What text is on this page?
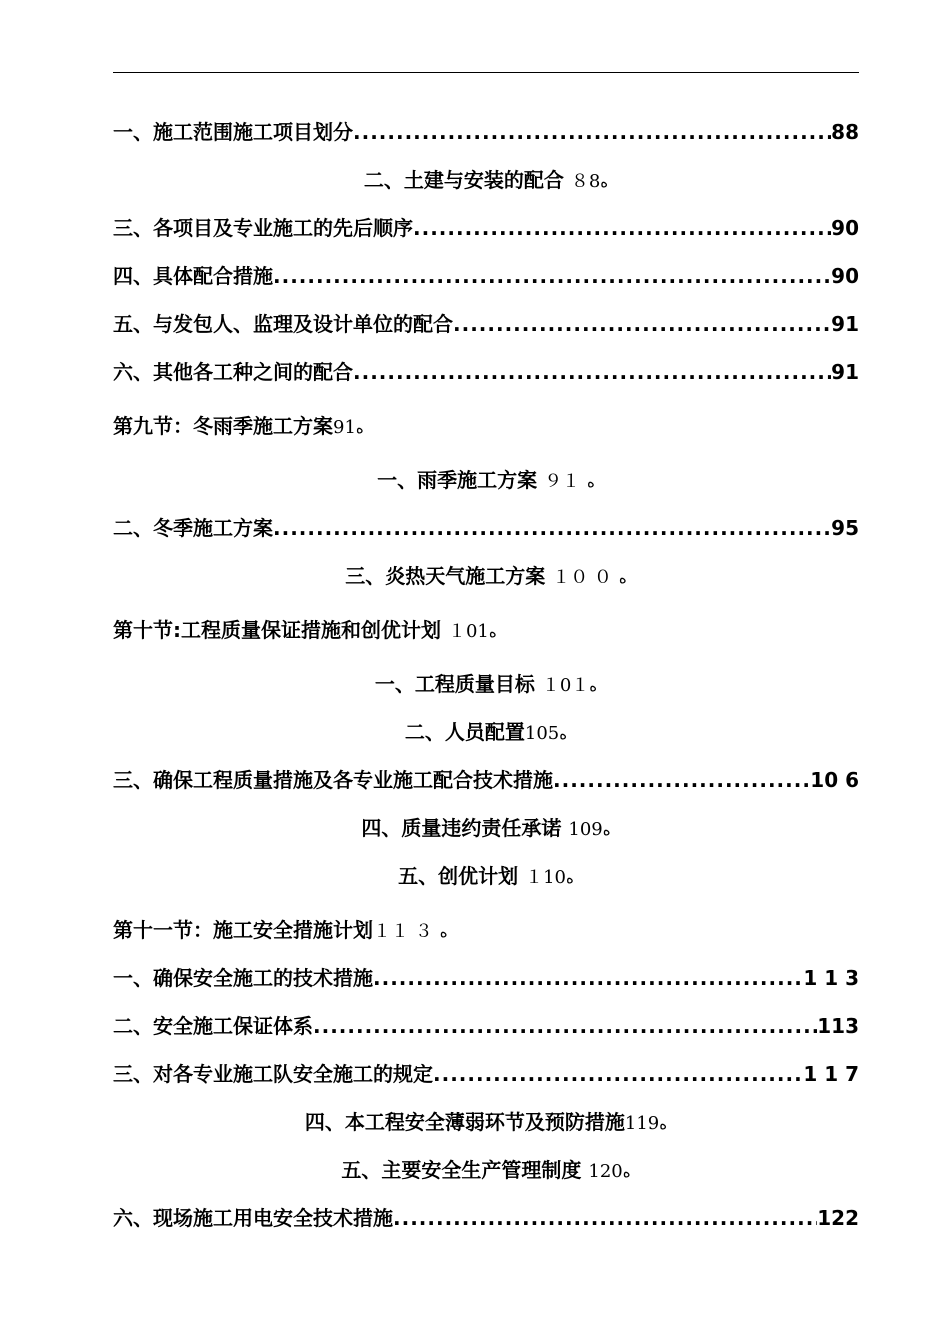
一、施工范围施工项目划分 .....	88
二、土建与安装的配合 ８8ه
三、各项目及专业施工的先后顺序 .....	90
四、具体配合措施 .....	90
五、与发包人、监理及设计单位的配合 .....	91
六、其他各工种之间的配合 .....	91
第九节：冬雨季施工方案91ه
一、雨季施工方案 ９１ ه
二、冬季施工方案 .....	95
三、炎热天气施工方案 １０ ０ ه
第十节:工程质量保证措施和创优计划 １01ه
一、工程质量目标 １0１ه
二、人员配置105ه
三、确保工程质量措施及各专业施工配合技术措施 .....	10 6
四、质量违约责任承诺 109ه
五、创优计划 １10ه
第十一节：施工安全措施计划１１ ３ ه
一、确保安全施工的技术措施 .....	1 1 3
二、安全施工保证体系 .....	113
三、对各专业施工队安全施工的规定 .....	1 1 7
四、本工程安全薄弱环节及预防措施119ه
五、主要安全生产管理制度 120ه
六、现场施工用电安全技术措施 .....	122
